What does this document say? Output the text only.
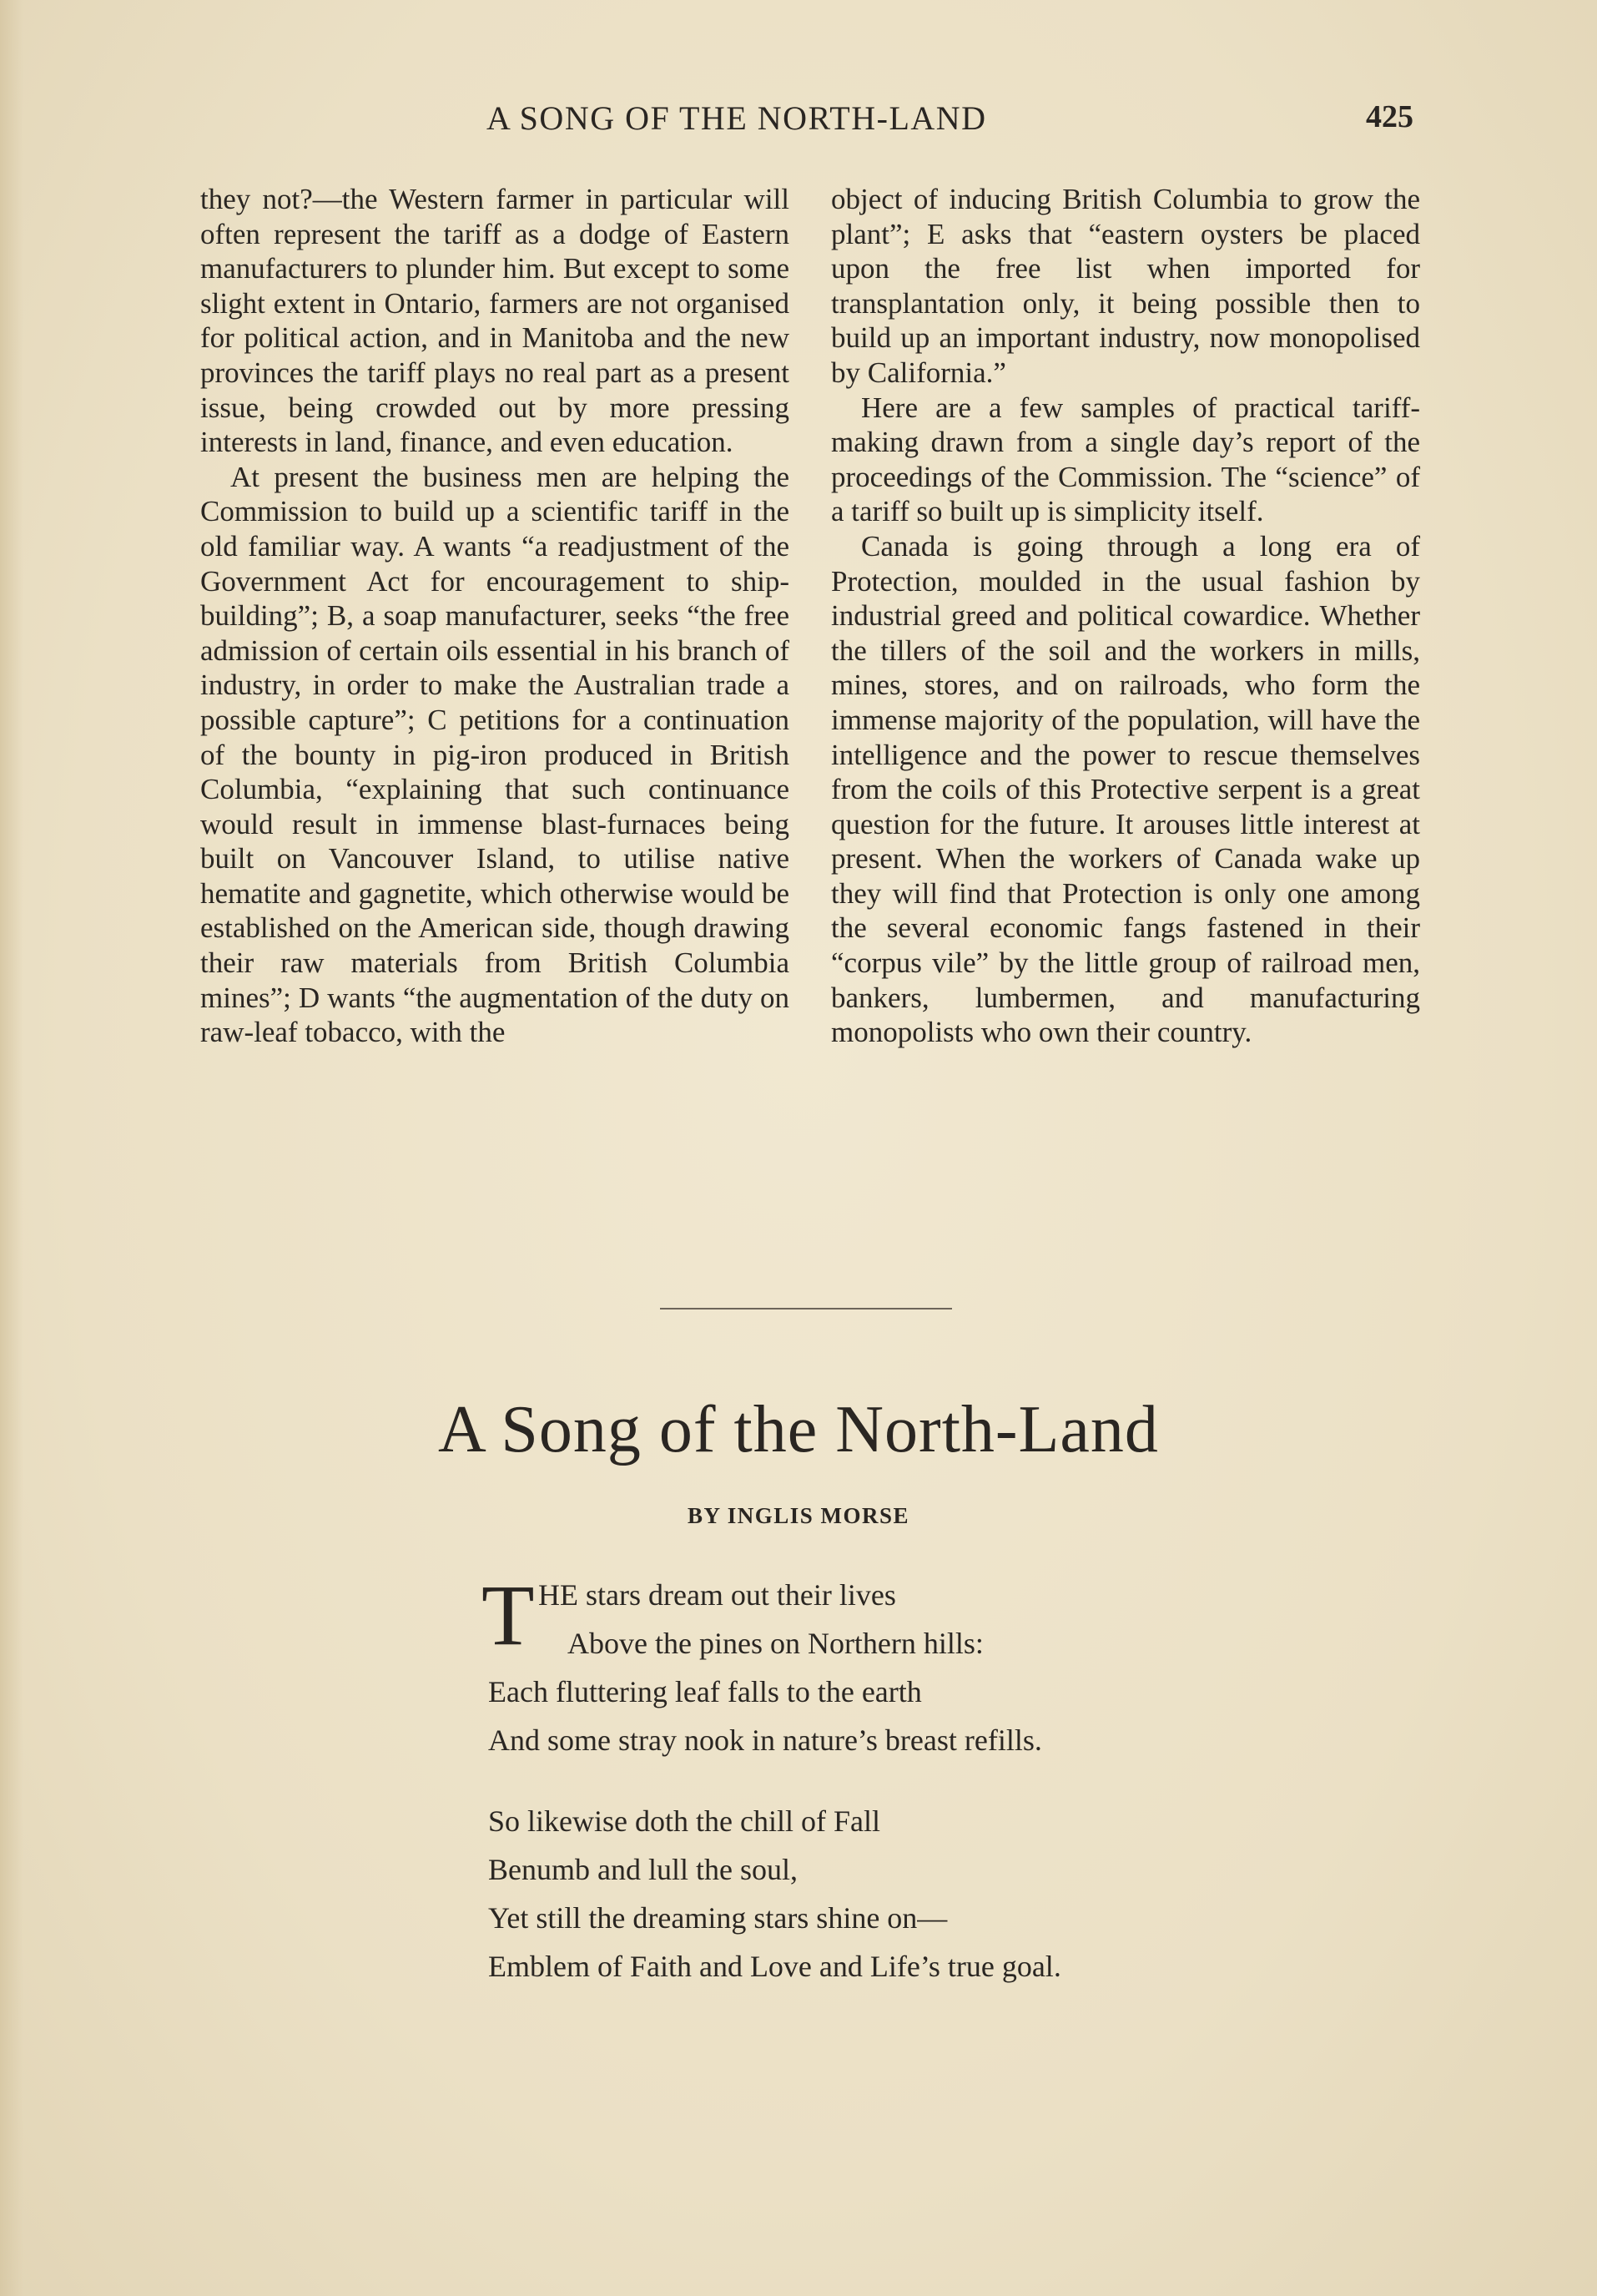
A SONG OF THE NORTH-LAND	425

they not?—the Western farmer in particular will often represent the tariff as a dodge of Eastern manufacturers to plunder him. But except to some slight extent in Ontario, farmers are not organised for political action, and in Manitoba and the new provinces the tariff plays no real part as a present issue, being crowded out by more pressing interests in land, finance, and even education.

At present the business men are helping the Commission to build up a scientific tariff in the old familiar way. A wants “a readjustment of the Government Act for encouragement to shipbuilding”; B, a soap manufacturer, seeks “the free admission of certain oils essential in his branch of industry, in order to make the Australian trade a possible capture”; C petitions for a continuation of the bounty in pig-iron produced in British Columbia, “explaining that such continuance would result in immense blast-furnaces being built on Vancouver Island, to utilise native hematite and gagnetite, which otherwise would be established on the American side, though drawing their raw materials from British Columbia mines”; D wants “the augmentation of the duty on raw-leaf tobacco, with the

object of inducing British Columbia to grow the plant”; E asks that “eastern oysters be placed upon the free list when imported for transplantation only, it being possible then to build up an important industry, now monopolised by California.”

Here are a few samples of practical tariff-making drawn from a single day’s report of the proceedings of the Commission. The “science” of a tariff so built up is simplicity itself.

Canada is going through a long era of Protection, moulded in the usual fashion by industrial greed and political cowardice. Whether the tillers of the soil and the workers in mills, mines, stores, and on railroads, who form the immense majority of the population, will have the intelligence and the power to rescue themselves from the coils of this Protective serpent is a great question for the future. It arouses little interest at present. When the workers of Canada wake up they will find that Protection is only one among the several economic fangs fastened in their “corpus vile” by the little group of railroad men, bankers, lumbermen, and manufacturing monopolists who own their country.

A Song of the North-Land
BY INGLIS MORSE
T HE stars dream out their lives
Above the pines on Northern hills:
Each fluttering leaf falls to the earth
And some stray nook in nature’s breast refills.
So likewise doth the chill of Fall
Benumb and lull the soul,
Yet still the dreaming stars shine on—
Emblem of Faith and Love and Life’s true goal.
